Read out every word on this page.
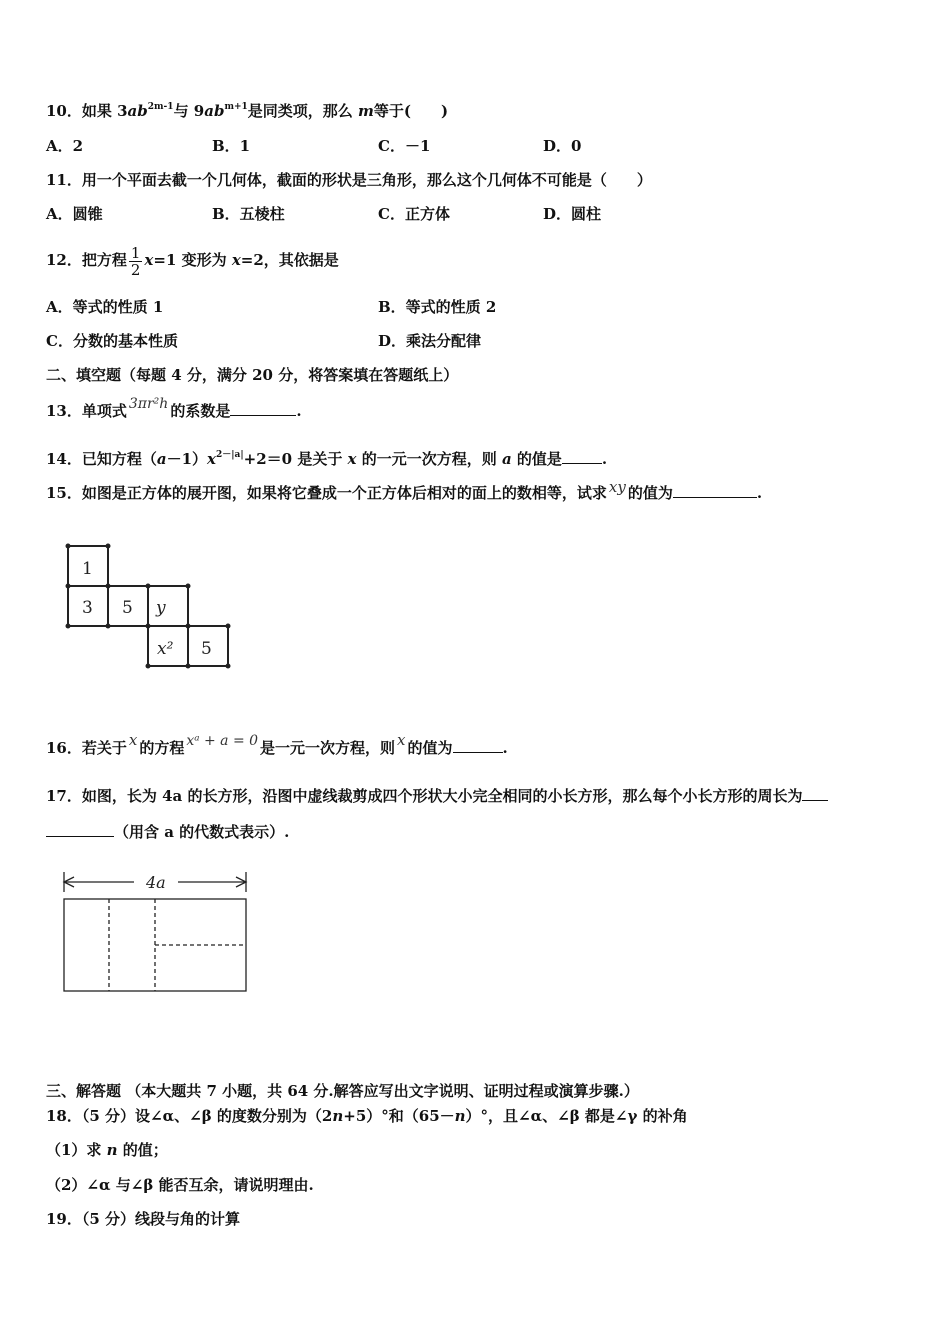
10．如果 $3ab^{2m-1}$与 $9ab^{m+1}$是同类项，那么 m等于(　　)
A．2	B．1	C．－1	D．0
11．用一个平面去截一个几何体，截面的形状是三角形，那么这个几何体不可能是（　　）
A．圆锥	B．五棱柱	C．正方体	D．圆柱
12．把方程 $\frac{1}{2} x=1$ 变形为 x=2，其依据是
A．等式的性质 1	B．等式的性质 2
C．分数的基本性质	D．乘法分配律
二、填空题（每题 4 分，满分 20 分，将答案填在答题纸上）
13．单项式 3πr²h 的系数是	.
14．已知方程$(a-1)x^{2-|a|}+2=0$ 是关于 x 的一元一次方程，则 a 的值是	.
15．如图是正方体的展开图，如果将它叠成一个正方体后相对的面上的数相等，试求 xy 的值为	.
1
3 5 y
x² 5
16．若关于 x 的方程 xᵃ + a = 0 是一元一次方程，则 x 的值为	.
17．如图，长为 4a 的长方形，沿图中虚线裁剪成四个形状大小完全相同的小长方形，那么每个小长方形的周长为
（用含 a 的代数式表示）.
4a
三、解答题 （本大题共 7 小题，共 64 分.解答应写出文字说明、证明过程或演算步骤.）
18．（5 分）设∠α、∠β 的度数分别为（2n+5）°和（65－n）°，且∠α、∠β 都是∠γ 的补角
（1）求 n 的值；
（2）∠α 与∠β 能否互余，请说明理由.
19．（5 分）线段与角的计算
